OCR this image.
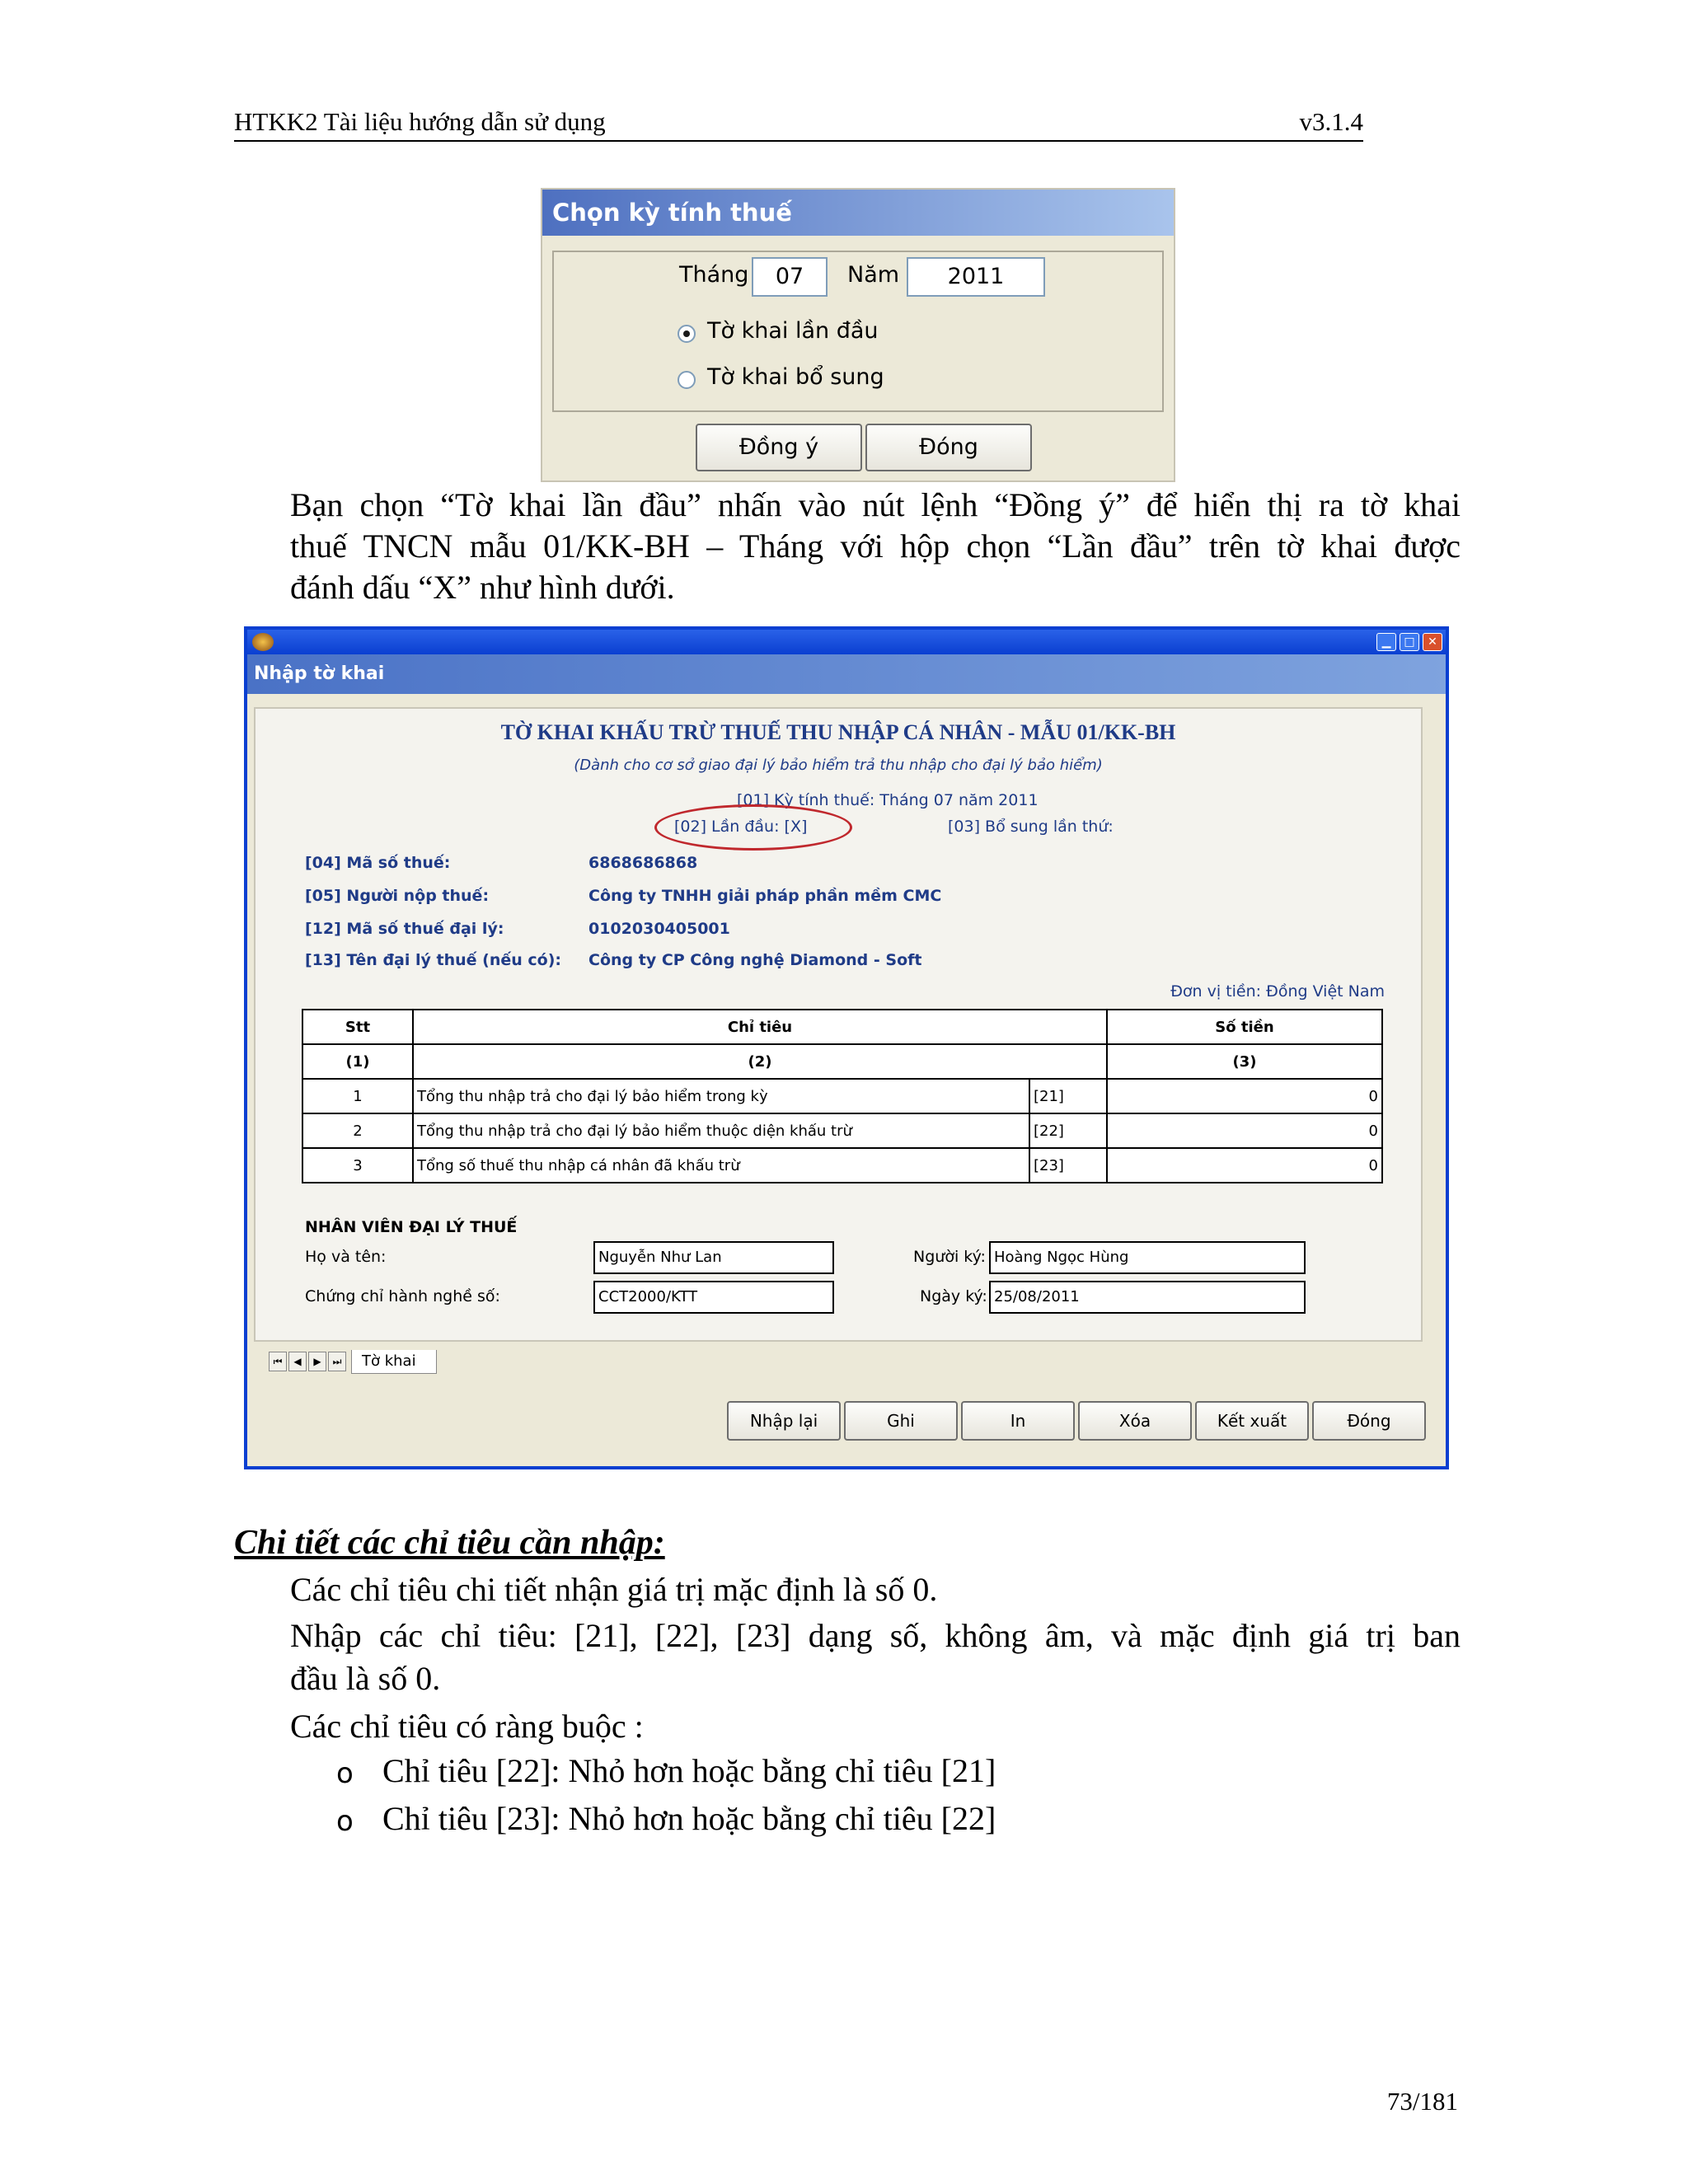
HTKK2 Tài liệu hướng dẫn sử dụng	v3.1.4
Chọn kỳ tính thuế
Tháng	07	Năm	2011
Tờ khai lần đầu
Tờ khai bổ sung
Đồng ý	Đóng
Bạn chọn “Tờ khai lần đầu” nhấn vào nút lệnh “Đồng ý” để hiển thị ra tờ khai
thuế TNCN mẫu 01/KK-BH – Tháng với hộp chọn “Lần đầu” trên tờ khai được
đánh dấu “X” như hình dưới.
▁	□	✕
Nhập tờ khai
TỜ KHAI KHẤU TRỪ THUẾ THU NHẬP CÁ NHÂN - MẪU 01/KK-BH
(Dành cho cơ sở giao đại lý bảo hiểm trả thu nhập cho đại lý bảo hiểm)
[01] Kỳ tính thuế: Tháng 07 năm 2011
[02] Lần đầu: [X]	[03] Bổ sung lần thứ:
[04] Mã số thuế:	6868686868
[05] Người nộp thuế:	Công ty TNHH giải pháp phần mềm CMC
[12] Mã số thuế đại lý:	0102030405001
[13] Tên đại lý thuế (nếu có): Công ty CP Công nghệ Diamond - Soft
Đơn vị tiền: Đồng Việt Nam
Stt	Chỉ tiêu		Số tiền
(1)	(2)		(3)
1	Tổng thu nhập trả cho đại lý bảo hiểm trong kỳ	[21]	0
2	Tổng thu nhập trả cho đại lý bảo hiểm thuộc diện khấu trừ	[22]	0
3	Tổng số thuế thu nhập cá nhân đã khấu trừ	[23]	0
NHÂN VIÊN ĐẠI LÝ THUẾ
Họ và tên:	Nguyễn Như Lan
Chứng chỉ hành nghề số:	CCT2000/KTT
Người ký: Hoàng Ngọc Hùng
Ngày ký: 25/08/2011
⏮	◀	▶	⏭	Tờ khai
Nhập lại	Ghi	In	Xóa	Kết xuất	Đóng
Chi tiết các chỉ tiêu cần nhập:
Các chỉ tiêu chi tiết nhận giá trị mặc định là số 0.
Nhập các chỉ tiêu: [21], [22], [23] dạng số, không âm, và mặc định giá trị ban
đầu là số 0.
Các chỉ tiêu có ràng buộc :
o Chỉ tiêu [22]: Nhỏ hơn hoặc bằng chỉ tiêu [21]
o Chỉ tiêu [23]: Nhỏ hơn hoặc bằng chỉ tiêu [22]
73/181
